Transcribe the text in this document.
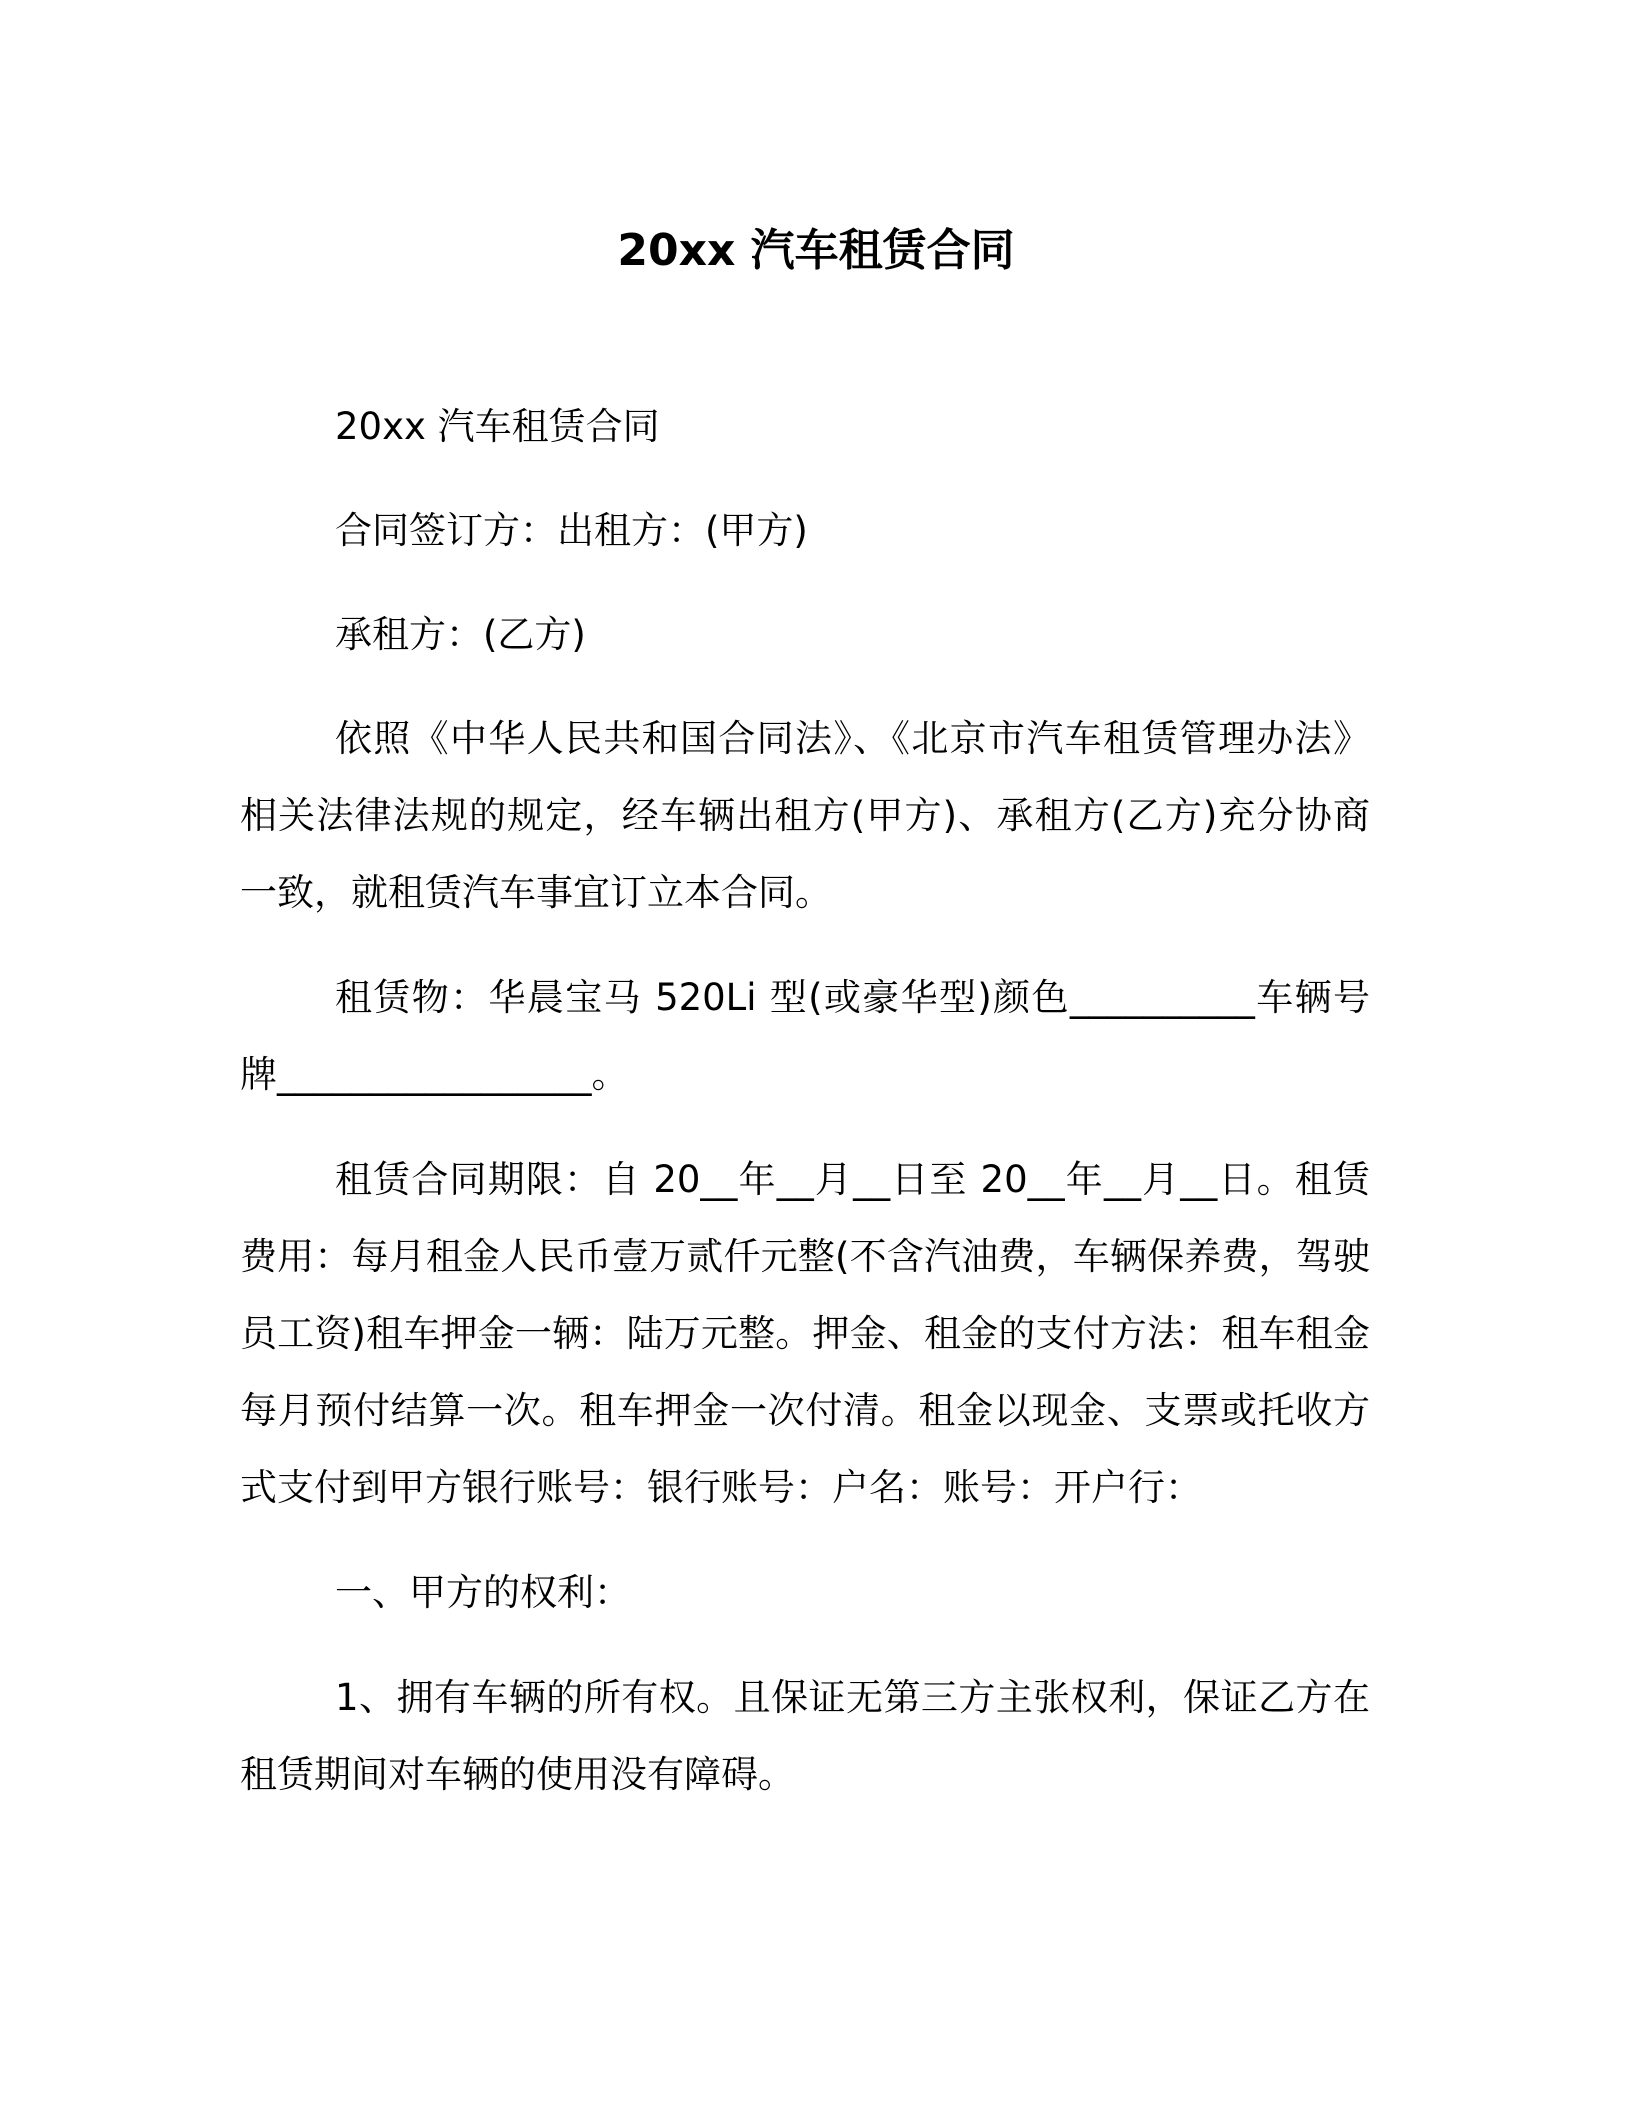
20xx 汽车租赁合同

20xx 汽车租赁合同

合同签订方：出租方：(甲方)

承租方：(乙方)

依照《中华人民共和国合同法》、《北京市汽车租赁管理办法》相关法律法规的规定，经车辆出租方(甲方)、承租方(乙方)充分协商一致，就租赁汽车事宜订立本合同。

租赁物：华晨宝马 520Li 型(或豪华型)颜色__________车辆号牌_________________。

租赁合同期限：自 20__年__月__日至 20__年__月__日。租赁费用：每月租金人民币壹万贰仟元整(不含汽油费，车辆保养费，驾驶员工资)租车押金一辆：陆万元整。押金、租金的支付方法：租车租金每月预付结算一次。租车押金一次付清。租金以现金、支票或托收方式支付到甲方银行账号：银行账号：户名：账号：开户行：

一、甲方的权利：

1、拥有车辆的所有权。且保证无第三方主张权利，保证乙方在租赁期间对车辆的使用没有障碍。
